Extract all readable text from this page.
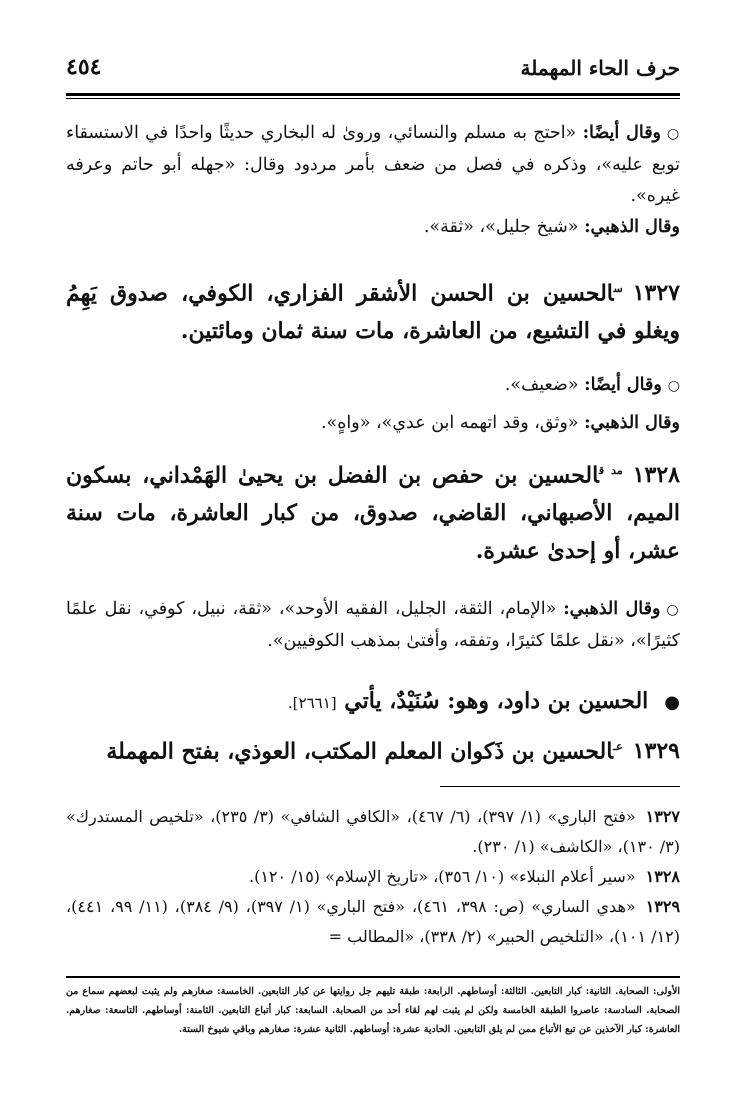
حرف الحاء المهملة
٤٥٤

○وقال أيضًا: «احتج به مسلم والنسائي، وروىٰ له البخاري حديثًا واحدًا في الاستسقاء توبع عليه»، وذكره في فصل من ضعف بأمر مردود وقال: «جهله أبو حاتم وعرفه غيره».

وقال الذهبي: «شيخ جليل»، «ثقة».

$١٣٢٧^سالحسين$ بن الحسن الأشقر الفزاري، الكوفي، صدوق يَهِمُ ويغلو في التشيع، من العاشرة، مات سنة ثمان ومائتين.

○وقال أيضًا: «ضعيف».

وقال الذهبي: «وثق، وقد اتهمه ابن عدي»، «واهٍ».

$١٣٢٨^{مد ق}الحسين$ بن حفص بن الفضل بن يحيىٰ الهَمْداني، بسكون الميم، الأصبهاني، القاضي، صدوق، من كبار العاشرة، مات سنة عشر، أو إحدىٰ عشرة.

○وقال الذهبي: «الإمام، الثقة، الجليل، الفقيه الأوحد»، «ثقة، نبيل، كوفي، نقل علمًا كثيرًا»، «نقل علمًا كثيرًا، وتفقه، وأفتىٰ بمذهب الكوفيين».

●الحسين بن داود، وهو: سُنَيْدٌ، يأتي [٢٦٦١].

$١٣٢٩^{عـ}الحسين$ بن ذَكوان المعلم المكتب، العوذي، بفتح المهملة

١٣٢٧«فتح الباري» (١/ ٣٩٧)، (٦/ ٤٦٧)، «الكافي الشافي» (٣/ ٢٣٥)، «تلخيص المستدرك» (٣/ ١٣٠)، «الكاشف» (١/ ٢٣٠).

١٣٢٨«سير أعلام النبلاء» (١٠/ ٣٥٦)، «تاريخ الإسلام» (١٥/ ١٢٠).

١٣٢٩«هدي الساري» (ص: ٣٩٨، ٤٦١)، «فتح الباري» (١/ ٣٩٧)، (٩/ ٣٨٤)، (١١/ ٩٩، ٤٤١)، (١٢/ ١٠١)، «التلخيص الحبير» (٢/ ٣٣٨)، «المطالب =

الأولى: الصحابة. الثانية: كبار التابعين. الثالثة: أوساطهم. الرابعة: طبقة تليهم جل روايتها عن كبار التابعين. الخامسة: صغارهم ولم يثبت لبعضهم سماع من الصحابة. السادسة: عاصروا الطبقة الخامسة ولكن لم يثبت لهم لقاء أحد من الصحابة. السابعة: كبار أتباع التابعين. الثامنة: أوساطهم. التاسعة: صغارهم. العاشرة: كبار الآخذين عن تبع الأتباع ممن لم يلق التابعين. الحادية عشرة: أوساطهم. الثانية عشرة: صغارهم وباقي شيوخ الستة.
